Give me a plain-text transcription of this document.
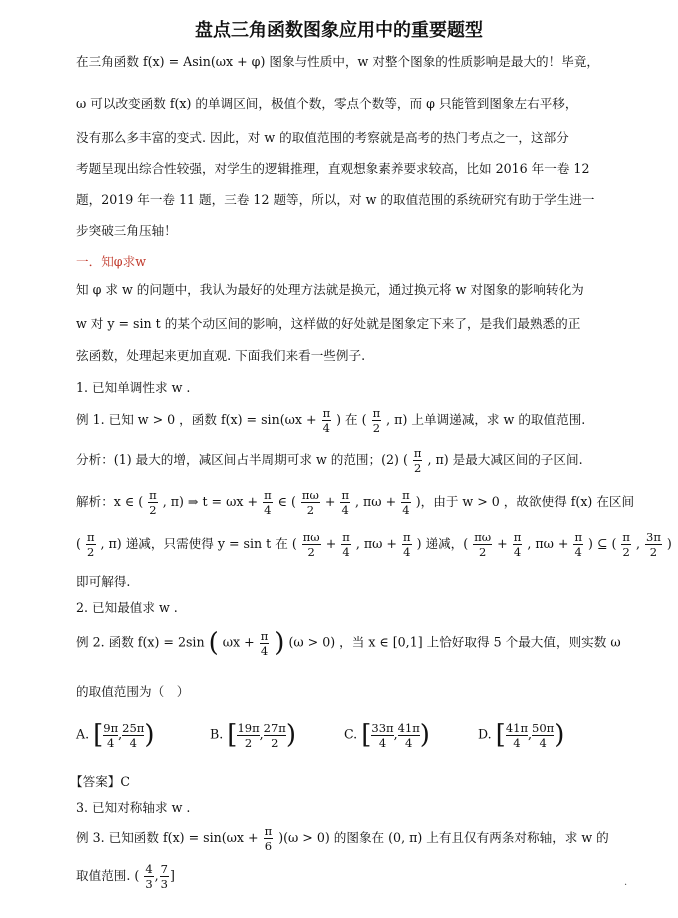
盘点三角函数图象应用中的重要题型
在三角函数 f(x) = Asin(ωx + φ) 图象与性质中，w 对整个图象的性质影响是最大的！毕竟，
ω 可以改变函数 f(x) 的单调区间，极值个数，零点个数等，而 φ 只能管到图象左右平移，
没有那么多丰富的变式. 因此，对 w 的取值范围的考察就是高考的热门考点之一，这部分
考题呈现出综合性较强，对学生的逻辑推理，直观想象素养要求较高，比如 2016 年一卷 12
题，2019 年一卷 11 题，三卷 12 题等，所以，对 w 的取值范围的系统研究有助于学生进一
步突破三角压轴！
一．知φ求w
知 φ 求 w 的问题中，我认为最好的处理方法就是换元，通过换元将 w 对图象的影响转化为
w 对 y = sin t 的某个动区间的影响，这样做的好处就是图象定下来了，是我们最熟悉的正
弦函数，处理起来更加直观. 下面我们来看一些例子.
1. 已知单调性求 w .
例 1. 已知 w > 0 ，函数 $f(x) = \sin(\omega x + \frac{\pi}{4}$ ) 在 ( $\frac{\pi}{2}$ , π) 上单调递减，求 w 的取值范围.
分析：(1) 最大的增，减区间占半周期可求 w 的范围；(2) ( $\frac{\pi}{2}$ , π) 是最大减区间的子区间.
解析：x ∈ ( $\frac{\pi}{2}$ , π) ⇒ $t = \omega x + \frac{\pi}{4}$ ∈ ( $\frac{\pi\omega}{2} + \frac{\pi}{4}$ , $\pi\omega + \frac{\pi}{4}$ )，由于 w > 0 ，故欲使得 f(x) 在区间
( $\frac{\pi}{2}$ , π) 递减，只需使得 y = sin t 在 ( $\frac{\pi\omega}{2} + \frac{\pi}{4}$ , $\pi\omega + \frac{\pi}{4}$ ) 递减，( $\frac{\pi\omega}{2} + \frac{\pi}{4}$ , $\pi\omega + \frac{\pi}{4}$ ) ⊆ ( $\frac{\pi}{2}$ , $\frac{3\pi}{2}$ )
即可解得.
2. 已知最值求 w .
例 2. 函数 f(x) = 2sin ( $\omega x + \frac{\pi}{4}$ ) (ω > 0) ，当 x ∈ [0,1] 上恰好取得 5 个最大值，则实数 ω
的取值范围为（　）
A. [ $\frac{9\pi}{4}$ , $\frac{25\pi}{4}$ )	B. [ $\frac{19\pi}{2}$ , $\frac{27\pi}{2}$ )	C. [ $\frac{33\pi}{4}$ , $\frac{41\pi}{4}$ )	D. [ $\frac{41\pi}{4}$ , $\frac{50\pi}{4}$ )
【答案】C
3. 已知对称轴求 w .
例 3. 已知函数 $f(x) = \sin(\omega x + \frac{\pi}{6} )(\omega > 0)$ 的图象在 (0, π) 上有且仅有两条对称轴，求 w 的
取值范围. ( $\frac{4}{3}$ , $\frac{7}{3}$ ]
·
